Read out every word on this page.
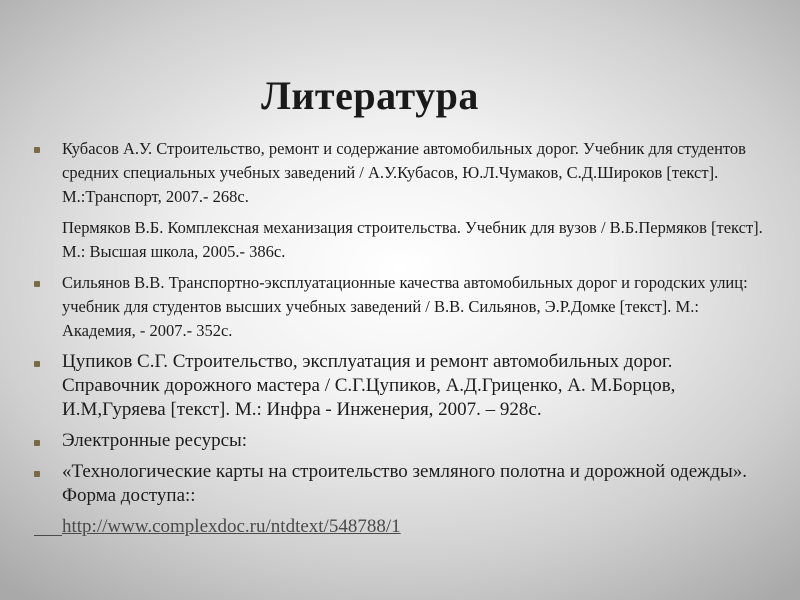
Литература
Кубасов А.У. Строительство, ремонт и содержание автомобильных дорог. Учебник для студентов средних специальных учебных заведений / А.У.Кубасов, Ю.Л.Чумаков, С.Д.Широков [текст]. М.:Транспорт, 2007.- 268с.
Пермяков В.Б. Комплексная механизация строительства. Учебник для вузов / В.Б.Пермяков [текст]. М.: Высшая школа, 2005.- 386с.
Сильянов В.В. Транспортно-эксплуатационные качества автомобильных дорог и городских улиц: учебник для студентов высших учебных заведений / В.В. Сильянов, Э.Р.Домке [текст]. М.: Академия, - 2007.- 352с.
Цупиков С.Г. Строительство, эксплуатация и ремонт автомобильных дорог. Справочник дорожного мастера / С.Г.Цупиков, А.Д.Гриценко, А. М.Борцов, И.М,Гуряева [текст]. М.: Инфра - Инженерия, 2007. – 928с.
Электронные ресурсы:
«Технологические карты на строительство земляного полотна и дорожной одежды». Форма доступа::
http://www.complexdoc.ru/ntdtext/548788/1
